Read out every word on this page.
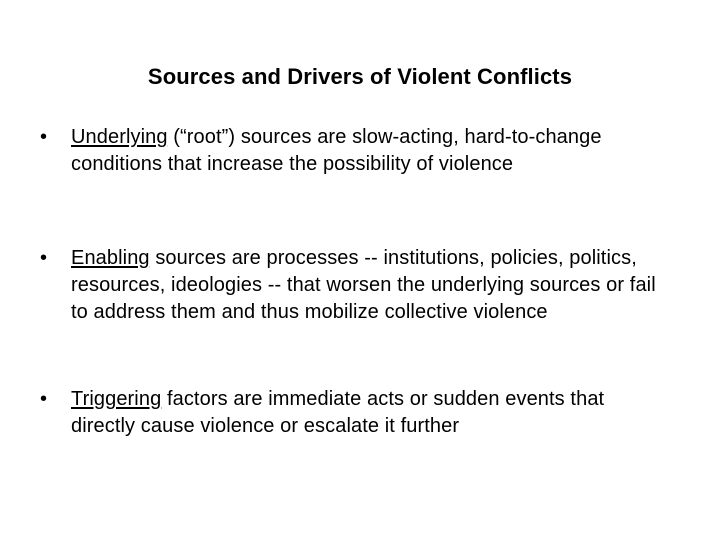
Sources and Drivers of Violent Conflicts
• Underlying (“root”) sources are slow-acting, hard-to-change conditions that increase the possibility of violence
• Enabling sources are processes -- institutions, policies, politics, resources, ideologies -- that worsen the underlying sources or fail to address them and thus mobilize collective violence
• Triggering factors are immediate acts or sudden events that directly cause violence or escalate it further
